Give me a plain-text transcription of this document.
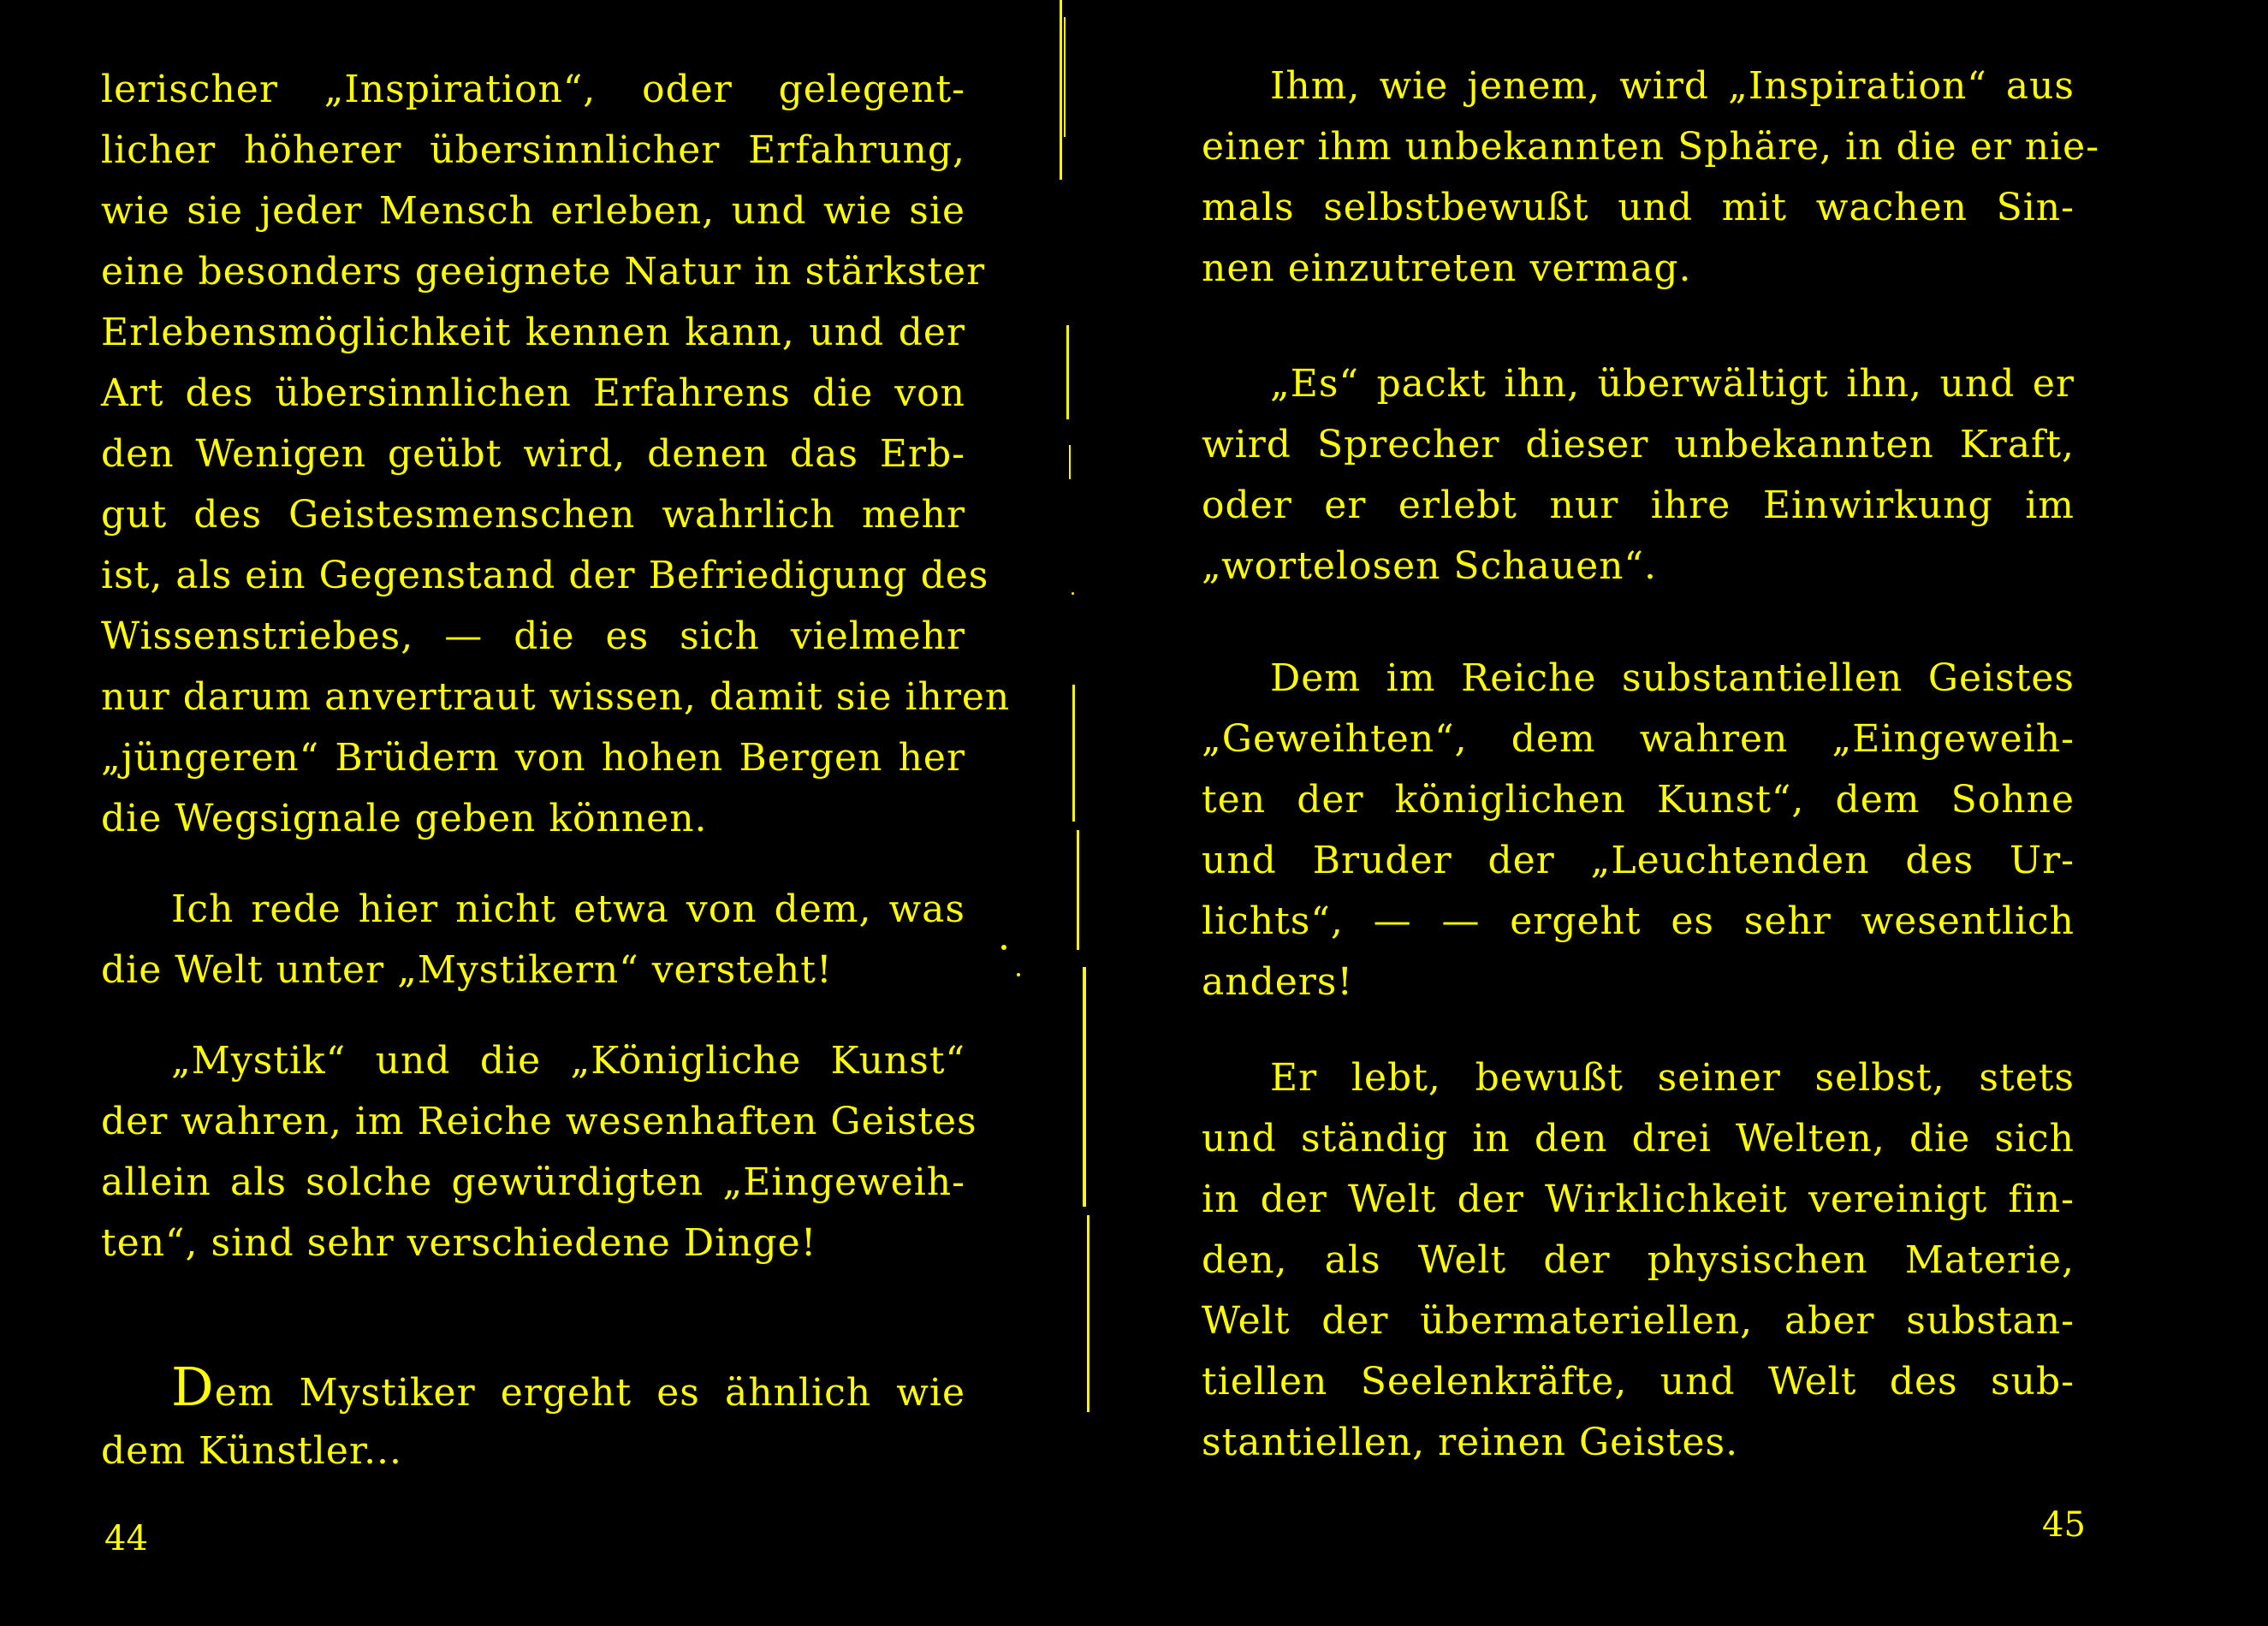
lerischer „Inspiration“, oder gelegent-
licher höherer übersinnlicher Erfahrung,
wie sie jeder Mensch erleben, und wie sie
eine besonders geeignete Natur in stärkster
Erlebensmöglichkeit kennen kann, und der
Art des übersinnlichen Erfahrens die von
den Wenigen geübt wird, denen das Erb-
gut des Geistesmenschen wahrlich mehr
ist, als ein Gegenstand der Befriedigung des
Wissenstriebes, — die es sich vielmehr
nur darum anvertraut wissen, damit sie ihren
„jüngeren“ Brüdern von hohen Bergen her
die Wegsignale geben können.
Ich rede hier nicht etwa von dem, was
die Welt unter „Mystikern“ versteht!
„Mystik“ und die „Königliche Kunst“
der wahren, im Reiche wesenhaften Geistes
allein als solche gewürdigten „Eingeweih-
ten“, sind sehr verschiedene Dinge!
Dem Mystiker ergeht es ähnlich wie
dem Künstler...
44
Ihm, wie jenem, wird „Inspiration“ aus
einer ihm unbekannten Sphäre, in die er nie-
mals selbstbewußt und mit wachen Sin-
nen einzutreten vermag.
„Es“ packt ihn, überwältigt ihn, und er
wird Sprecher dieser unbekannten Kraft,
oder er erlebt nur ihre Einwirkung im
„wortelosen Schauen“.
Dem im Reiche substantiellen Geistes
„Geweihten“, dem wahren „Eingeweih-
ten der königlichen Kunst“, dem Sohne
und Bruder der „Leuchtenden des Ur-
lichts“, — — ergeht es sehr wesentlich
anders!
Er lebt, bewußt seiner selbst, stets
und ständig in den drei Welten, die sich
in der Welt der Wirklichkeit vereinigt fin-
den, als Welt der physischen Materie,
Welt der übermateriellen, aber substan-
tiellen Seelenkräfte, und Welt des sub-
stantiellen, reinen Geistes.
45
